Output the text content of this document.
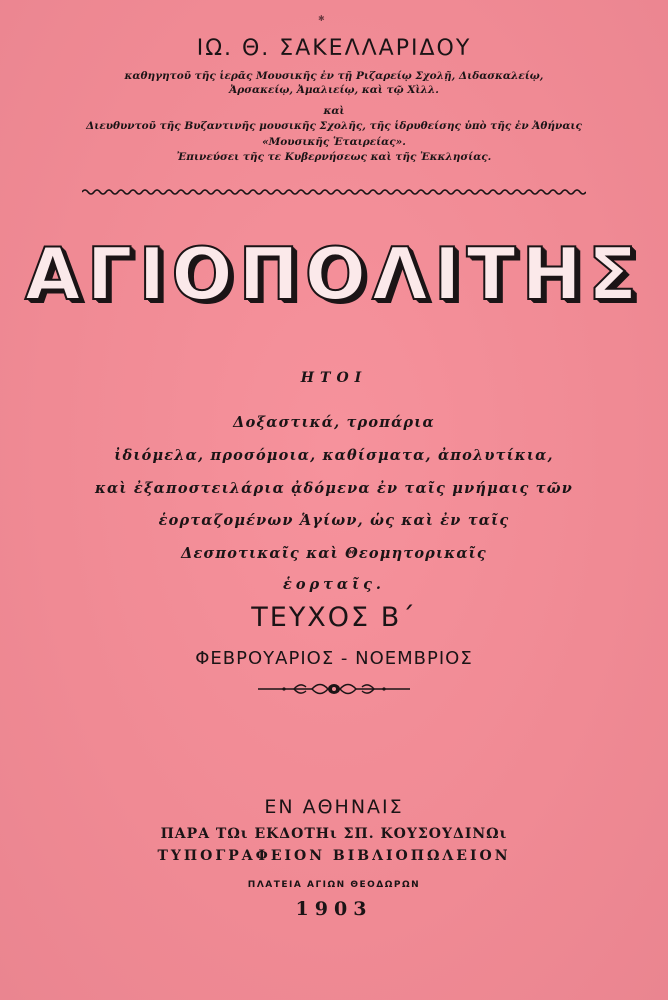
✱
ΙΩ. Θ. ΣΑΚΕΛΛΑΡΙΔΟΥ
καθηγητοῦ τῆς ἱερᾶς Μουσικῆς ἐν τῇ Ριζαρείῳ Σχολῇ, Διδασκαλείῳ,
Ἀρσακείῳ, Ἀμαλιείῳ, καὶ τῷ Χὶλλ.
καὶ
Διευθυντοῦ τῆς Βυζαντινῆς μουσικῆς Σχολῆς, τῆς ἱδρυθείσης ὑπὸ τῆς ἐν Ἀθήναις
«Μουσικῆς Ἑταιρείας».
Ἐπινεύσει τῆς τε Κυβερνήσεως καὶ τῆς Ἐκκλησίας.
ΑΓΙΟΠΟΛΙΤΗΣ
ΗΤΟΙ
Δοξαστικά, τροπάρια
ἰδιόμελα, προσόμοια, καθίσματα, ἀπολυτίκια,
καὶ ἐξαποστειλάρια ᾀδόμενα ἐν ταῖς μνήμαις τῶν
ἑορταζομένων Ἁγίων, ὡς καὶ ἐν ταῖς
Δεσποτικαῖς καὶ Θεομητορικαῖς
ἑορταῖς.
ΤΕΥΧΟΣ Β΄
ΦΕΒΡΟΥΑΡΙΟΣ - ΝΟΕΜΒΡΙΟΣ
ΕΝ ΑΘΗΝΑΙΣ
ΠΑΡΑ ΤΩι ΕΚΔΟΤΗι ΣΠ. ΚΟΥΣΟΥΔΙΝΩι
ΤΥΠΟΓΡΑΦΕΙΟΝ ΒΙΒΛΙΟΠΩΛΕΙΟΝ
ΠΛΑΤΕΙΑ ΑΓΙΩΝ ΘΕΟΔΩΡΩΝ
1903
